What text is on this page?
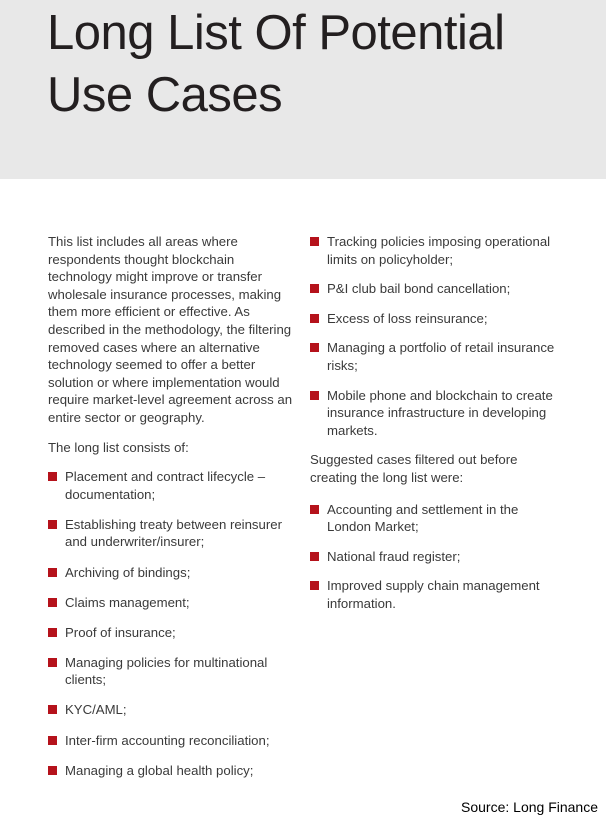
Long List Of Potential Use Cases

This list includes all areas where respondents thought blockchain technology might improve or transfer wholesale insurance processes, making them more efficient or effective. As described in the methodology, the filtering removed cases where an alternative technology seemed to offer a better solution or where implementation would require market-level agreement across an entire sector or geography.

The long list consists of:

Placement and contract lifecycle – documentation;
Establishing treaty between reinsurer and underwriter/insurer;
Archiving of bindings;
Claims management;
Proof of insurance;
Managing policies for multinational clients;
KYC/AML;
Inter-firm accounting reconciliation;
Managing a global health policy;
Tracking policies imposing operational limits on policyholder;
P&I club bail bond cancellation;
Excess of loss reinsurance;
Managing a portfolio of retail insurance risks;
Mobile phone and blockchain to create insurance infrastructure in developing markets.

Suggested cases filtered out before creating the long list were:

Accounting and settlement in the London Market;
National fraud register;
Improved supply chain management information.
Source: Long Finance
